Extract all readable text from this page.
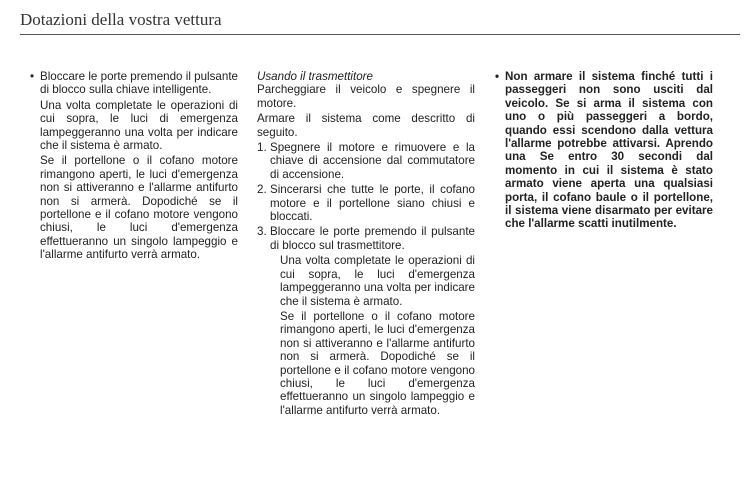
Dotazioni della vostra vettura
• Bloccare le porte premendo il pulsante di blocco sulla chiave intelligente.

Una volta completate le operazioni di cui sopra, le luci di emergenza lampeggeranno una volta per indicare che il sistema è armato.

Se il portellone o il cofano motore rimangono aperti, le luci d'emergenza non si attiveranno e l'allarme antifurto non si armerà. Dopodiché se il portellone e il cofano motore vengono chiusi, le luci d'emergenza effettueranno un singolo lampeggio e l'allarme antifurto verrà armato.

Usando il trasmettitore

Parcheggiare il veicolo e spegnere il motore.

Armare il sistema come descritto di seguito.

1. Spegnere il motore e rimuovere e la chiave di accensione dal commutatore di accensione.

2. Sincerarsi che tutte le porte, il cofano motore e il portellone siano chiusi e bloccati.

3. Bloccare le porte premendo il pulsante di blocco sul trasmettitore.

Una volta completate le operazioni di cui sopra, le luci d'emergenza lampeggeranno una volta per indicare che il sistema è armato.

Se il portellone o il cofano motore rimangono aperti, le luci d'emergenza non si attiveranno e l'allarme antifurto non si armerà. Dopodiché se il portellone e il cofano motore vengono chiusi, le luci d'emergenza effettueranno un singolo lampeggio e l'allarme antifurto verrà armato.

• Non armare il sistema finché tutti i passeggeri non sono usciti dal veicolo. Se si arma il sistema con uno o più passeggeri a bordo, quando essi scendono dalla vettura l'allarme potrebbe attivarsi. Aprendo una Se entro 30 secondi dal momento in cui il sistema è stato armato viene aperta una qualsiasi porta, il cofano baule o il portellone, il sistema viene disarmato per evitare che l'allarme scatti inutilmente.
